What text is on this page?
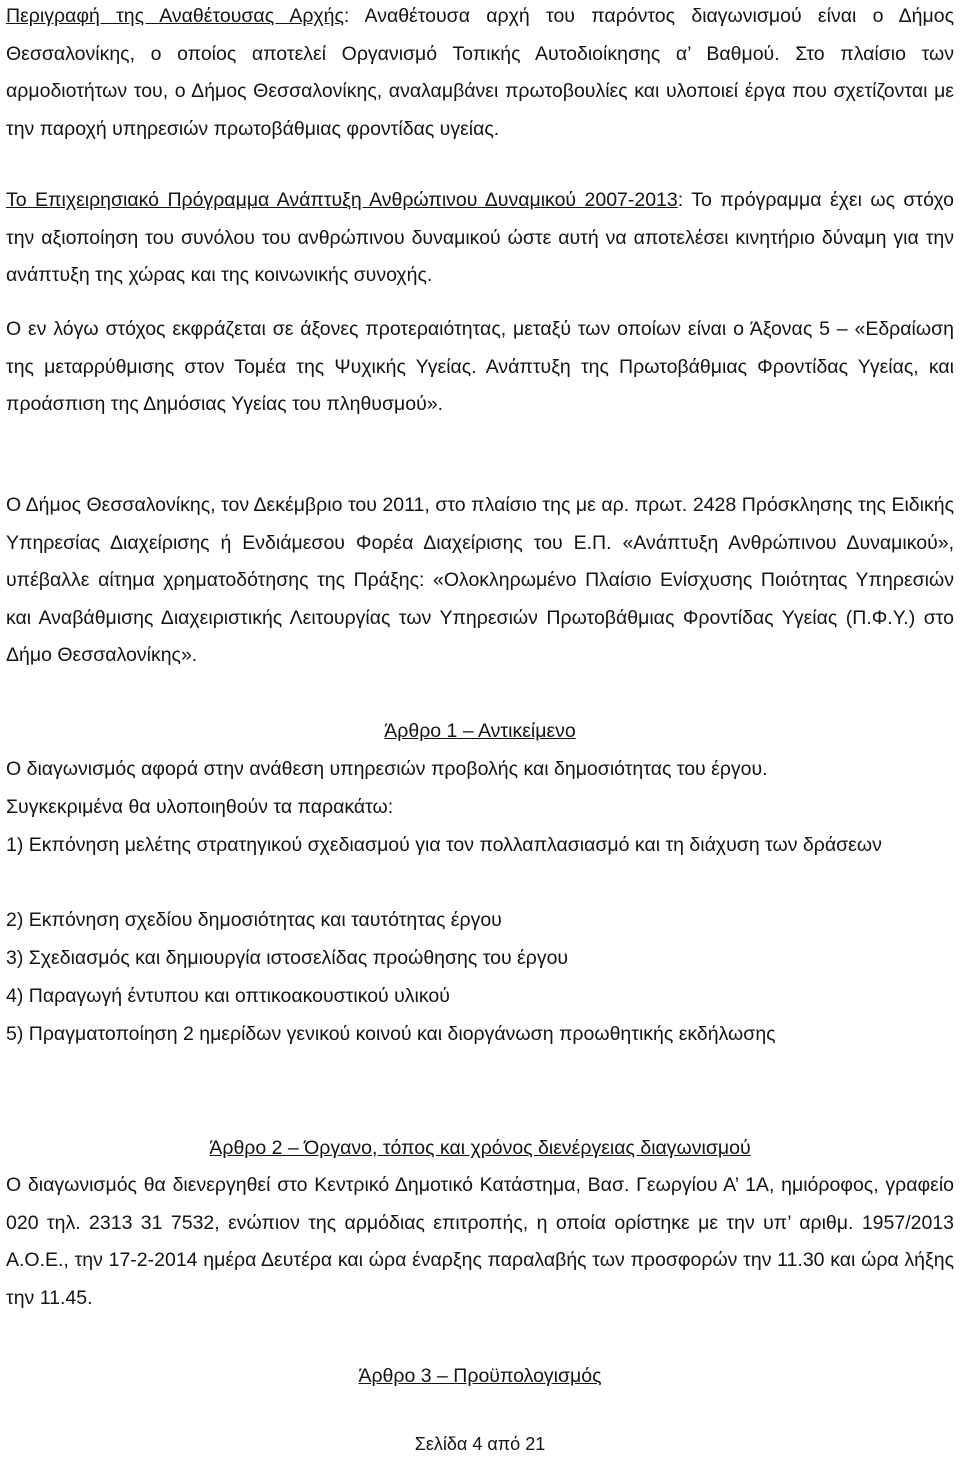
Περιγραφή της Αναθέτουσας Αρχής: Αναθέτουσα αρχή του παρόντος διαγωνισμού είναι ο Δήμος Θεσσαλονίκης, ο οποίος αποτελεί Οργανισμό Τοπικής Αυτοδιοίκησης α’ Βαθμού. Στο πλαίσιο των αρμοδιοτήτων του, ο Δήμος Θεσσαλονίκης, αναλαμβάνει πρωτοβουλίες και υλοποιεί έργα που σχετίζονται με την παροχή υπηρεσιών πρωτοβάθμιας φροντίδας υγείας.

Το Επιχειρησιακό Πρόγραμμα Ανάπτυξη Ανθρώπινου Δυναμικού 2007-2013: Το πρόγραμμα έχει ως στόχο την αξιοποίηση του συνόλου του ανθρώπινου δυναμικού ώστε αυτή να αποτελέσει κινητήριο δύναμη για την ανάπτυξη της χώρας και της κοινωνικής συνοχής.

Ο εν λόγω στόχος εκφράζεται σε άξονες προτεραιότητας, μεταξύ των οποίων είναι ο Άξονας 5 – «Εδραίωση της μεταρρύθμισης στον Τομέα της Ψυχικής Υγείας. Ανάπτυξη της Πρωτοβάθμιας Φροντίδας Υγείας, και προάσπιση της Δημόσιας Υγείας του πληθυσμού».

Ο Δήμος Θεσσαλονίκης, τον Δεκέμβριο του 2011, στο πλαίσιο της με αρ. πρωτ. 2428 Πρόσκλησης της Ειδικής Υπηρεσίας Διαχείρισης ή Ενδιάμεσου Φορέα Διαχείρισης του Ε.Π. «Ανάπτυξη Ανθρώπινου Δυναμικού», υπέβαλλε αίτημα χρηματοδότησης της Πράξης: «Ολοκληρωμένο Πλαίσιο Ενίσχυσης Ποιότητας Υπηρεσιών και Αναβάθμισης Διαχειριστικής Λειτουργίας των Υπηρεσιών Πρωτοβάθμιας Φροντίδας Υγείας (Π.Φ.Υ.) στο Δήμο Θεσσαλονίκης».

Άρθρο 1 – Αντικείμενο

Ο διαγωνισμός αφορά στην ανάθεση υπηρεσιών προβολής και δημοσιότητας του έργου.

Συγκεκριμένα θα υλοποιηθούν τα παρακάτω:

1) Εκπόνηση μελέτης στρατηγικού σχεδιασμού για τον πολλαπλασιασμό και τη διάχυση των δράσεων

2) Εκπόνηση σχεδίου δημοσιότητας και ταυτότητας έργου

3) Σχεδιασμός και δημιουργία ιστοσελίδας προώθησης του έργου

4) Παραγωγή έντυπου και οπτικοακουστικού υλικού

5) Πραγματοποίηση 2 ημερίδων γενικού κοινού και διοργάνωση προωθητικής εκδήλωσης

Άρθρο 2 – Όργανο, τόπος και χρόνος διενέργειας διαγωνισμού

Ο διαγωνισμός θα διενεργηθεί στο Κεντρικό Δημοτικό Κατάστημα, Βασ. Γεωργίου Α’ 1Α, ημιόροφος, γραφείο 020 τηλ. 2313 31 7532, ενώπιον της αρμόδιας επιτροπής, η οποία ορίστηκε με την υπ’ αριθμ. 1957/2013 Α.Ο.Ε., την 17-2-2014 ημέρα Δευτέρα και ώρα έναρξης παραλαβής των προσφορών την 11.30 και ώρα λήξης την 11.45.

Άρθρο 3 – Προϋπολογισμός

Σελίδα 4 από 21
